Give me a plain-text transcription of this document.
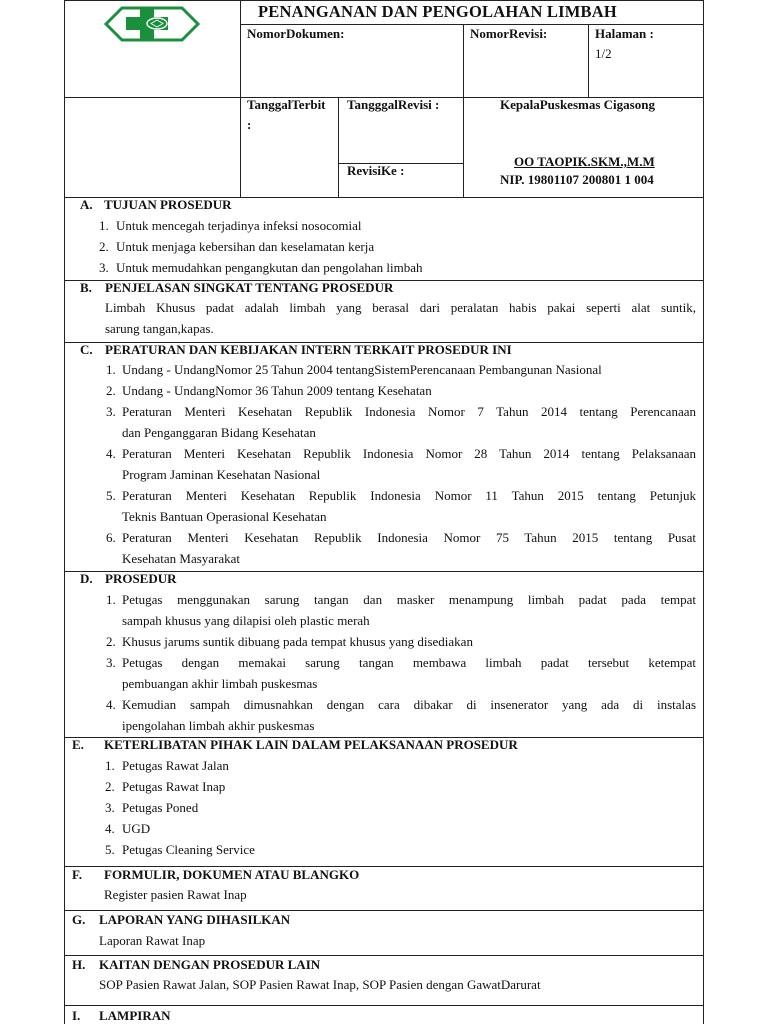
PENANGANAN DAN PENGOLAHAN LIMBAH
NomorDokumen:	NomorRevisi:	Halaman :
1/2
TanggalTerbit
:
TangggalRevisi :
RevisiKe :
KepalaPuskesmas Cigasong
OO TAOPIK.SKM.,M.M
NIP. 19801107 200801 1 004
A. TUJUAN PROSEDUR
1. Untuk mencegah terjadinya infeksi nosocomial
2. Untuk menjaga kebersihan dan keselamatan kerja
3. Untuk memudahkan pengangkutan dan pengolahan limbah
B. PENJELASAN SINGKAT TENTANG PROSEDUR
Limbah Khusus padat adalah limbah yang berasal dari peralatan habis pakai seperti alat suntik,
sarung tangan,kapas.
C. PERATURAN DAN KEBIJAKAN INTERN TERKAIT PROSEDUR INI
1. Undang - UndangNomor 25 Tahun 2004 tentangSistemPerencanaan Pembangunan Nasional
2. Undang - UndangNomor 36 Tahun 2009 tentang Kesehatan
3. Peraturan Menteri Kesehatan Republik Indonesia Nomor 7 Tahun 2014 tentang Perencanaan
dan Penganggaran Bidang Kesehatan
4. Peraturan Menteri Kesehatan Republik Indonesia Nomor 28 Tahun 2014 tentang Pelaksanaan
Program Jaminan Kesehatan Nasional
5. Peraturan Menteri Kesehatan Republik Indonesia Nomor 11 Tahun 2015 tentang Petunjuk
Teknis Bantuan Operasional Kesehatan
6. Peraturan Menteri Kesehatan Republik Indonesia Nomor 75 Tahun 2015 tentang Pusat
Kesehatan Masyarakat
D. PROSEDUR
1. Petugas menggunakan sarung tangan dan masker menampung limbah padat pada tempat
sampah khusus yang dilapisi oleh plastic merah
2. Khusus jarums suntik dibuang pada tempat khusus yang disediakan
3. Petugas dengan memakai sarung tangan membawa limbah padat tersebut ketempat
pembuangan akhir limbah puskesmas
4. Kemudian sampah dimusnahkan dengan cara dibakar di insenerator yang ada di instalas
ipengolahan limbah akhir puskesmas
E. KETERLIBATAN PIHAK LAIN DALAM PELAKSANAAN PROSEDUR
1. Petugas Rawat Jalan
2. Petugas Rawat Inap
3. Petugas Poned
4. UGD
5. Petugas Cleaning Service
F. FORMULIR, DOKUMEN ATAU BLANGKO
Register pasien Rawat Inap
G. LAPORAN YANG DIHASILKAN
Laporan Rawat Inap
H. KAITAN DENGAN PROSEDUR LAIN
SOP Pasien Rawat Jalan, SOP Pasien Rawat Inap, SOP Pasien dengan GawatDarurat
I. LAMPIRAN
